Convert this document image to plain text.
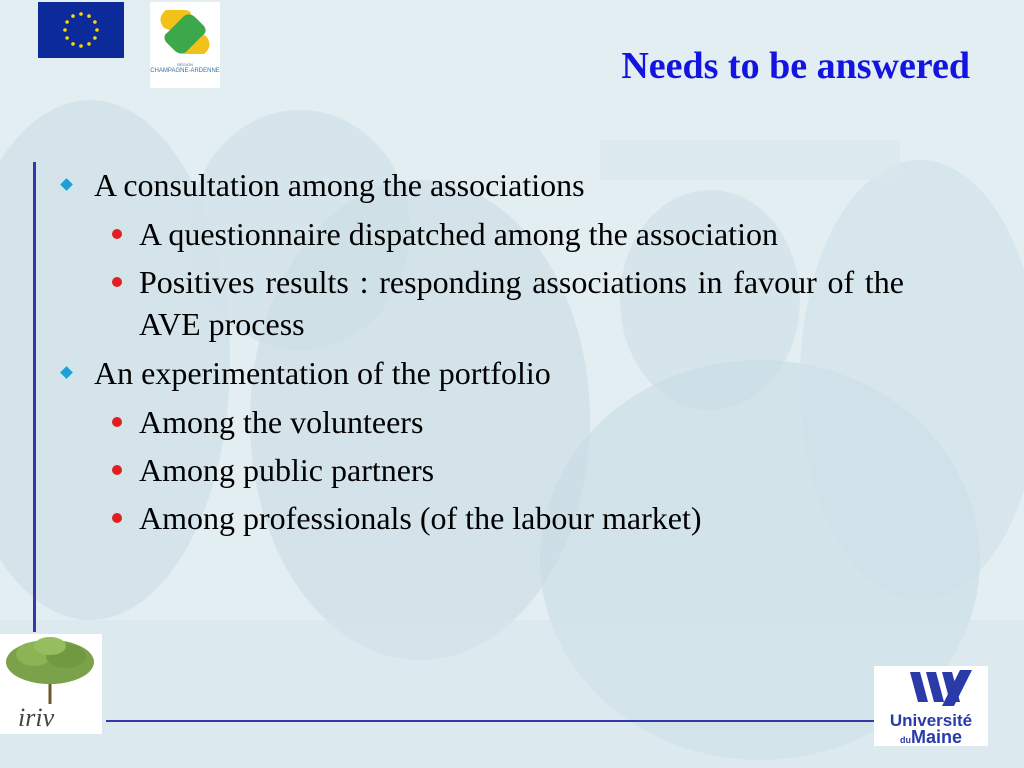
RÉGION
CHAMPAGNE-ARDENNE	Needs to be answered
A consultation among the associations
A questionnaire dispatched among the association
Positives results : responding associations in favour of the AVE process
An experimentation of the portfolio
Among the volunteers
Among public partners
Among professionals (of the labour market)
iriv	Université
duMaine
